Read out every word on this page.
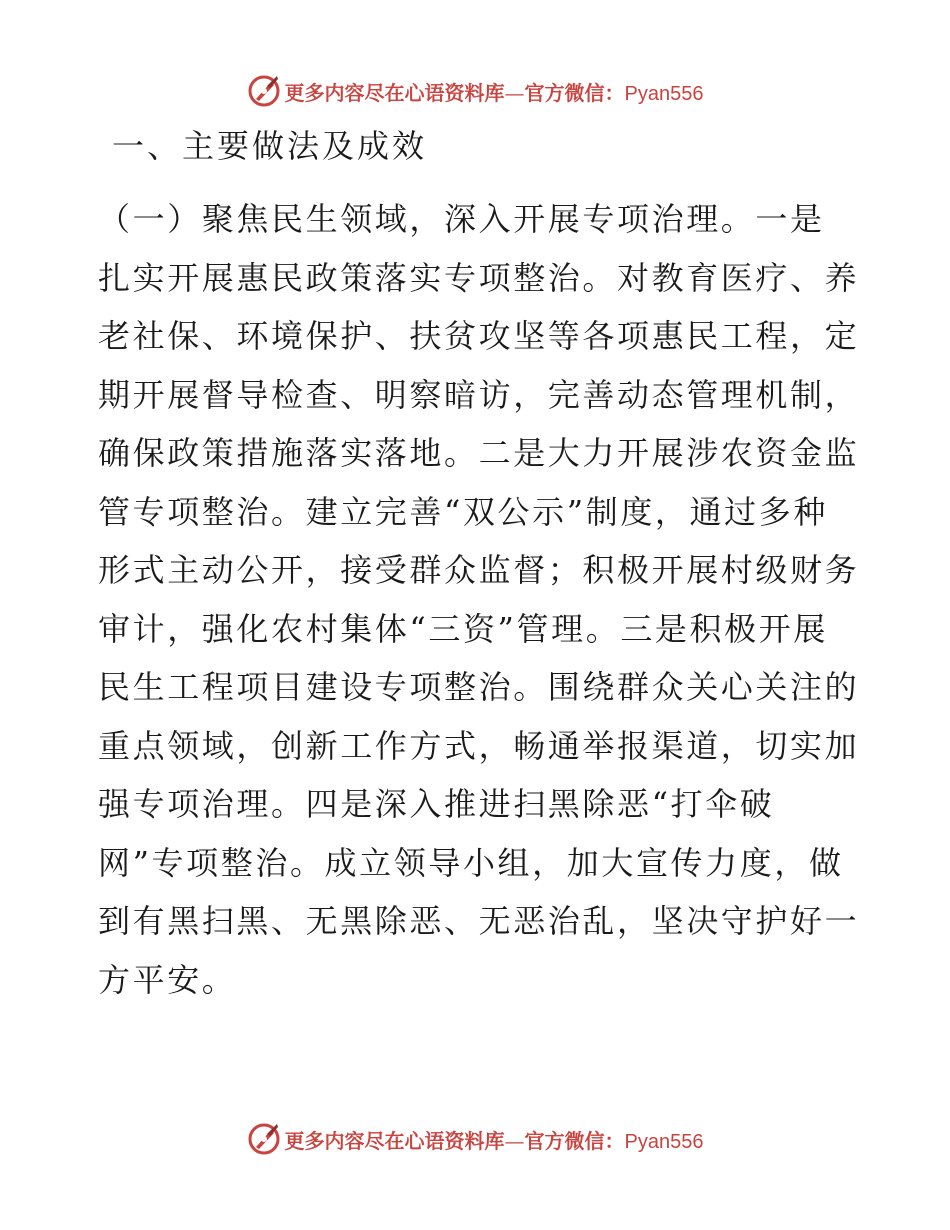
更多内容尽在心语资料库—官方微信：Pyan556
一、主要做法及成效
（一）聚焦民生领域，深入开展专项治理。一是
扎实开展惠民政策落实专项整治。对教育医疗、养
老社保、环境保护、扶贫攻坚等各项惠民工程，定
期开展督导检查、明察暗访，完善动态管理机制，
确保政策措施落实落地。二是大力开展涉农资金监
管专项整治。建立完善“双公示”制度，通过多种
形式主动公开，接受群众监督；积极开展村级财务
审计，强化农村集体“三资”管理。三是积极开展
民生工程项目建设专项整治。围绕群众关心关注的
重点领域，创新工作方式，畅通举报渠道，切实加
强专项治理。四是深入推进扫黑除恶“打伞破
网”专项整治。成立领导小组，加大宣传力度，做
到有黑扫黑、无黑除恶、无恶治乱，坚决守护好一
方平安。
更多内容尽在心语资料库—官方微信：Pyan556
